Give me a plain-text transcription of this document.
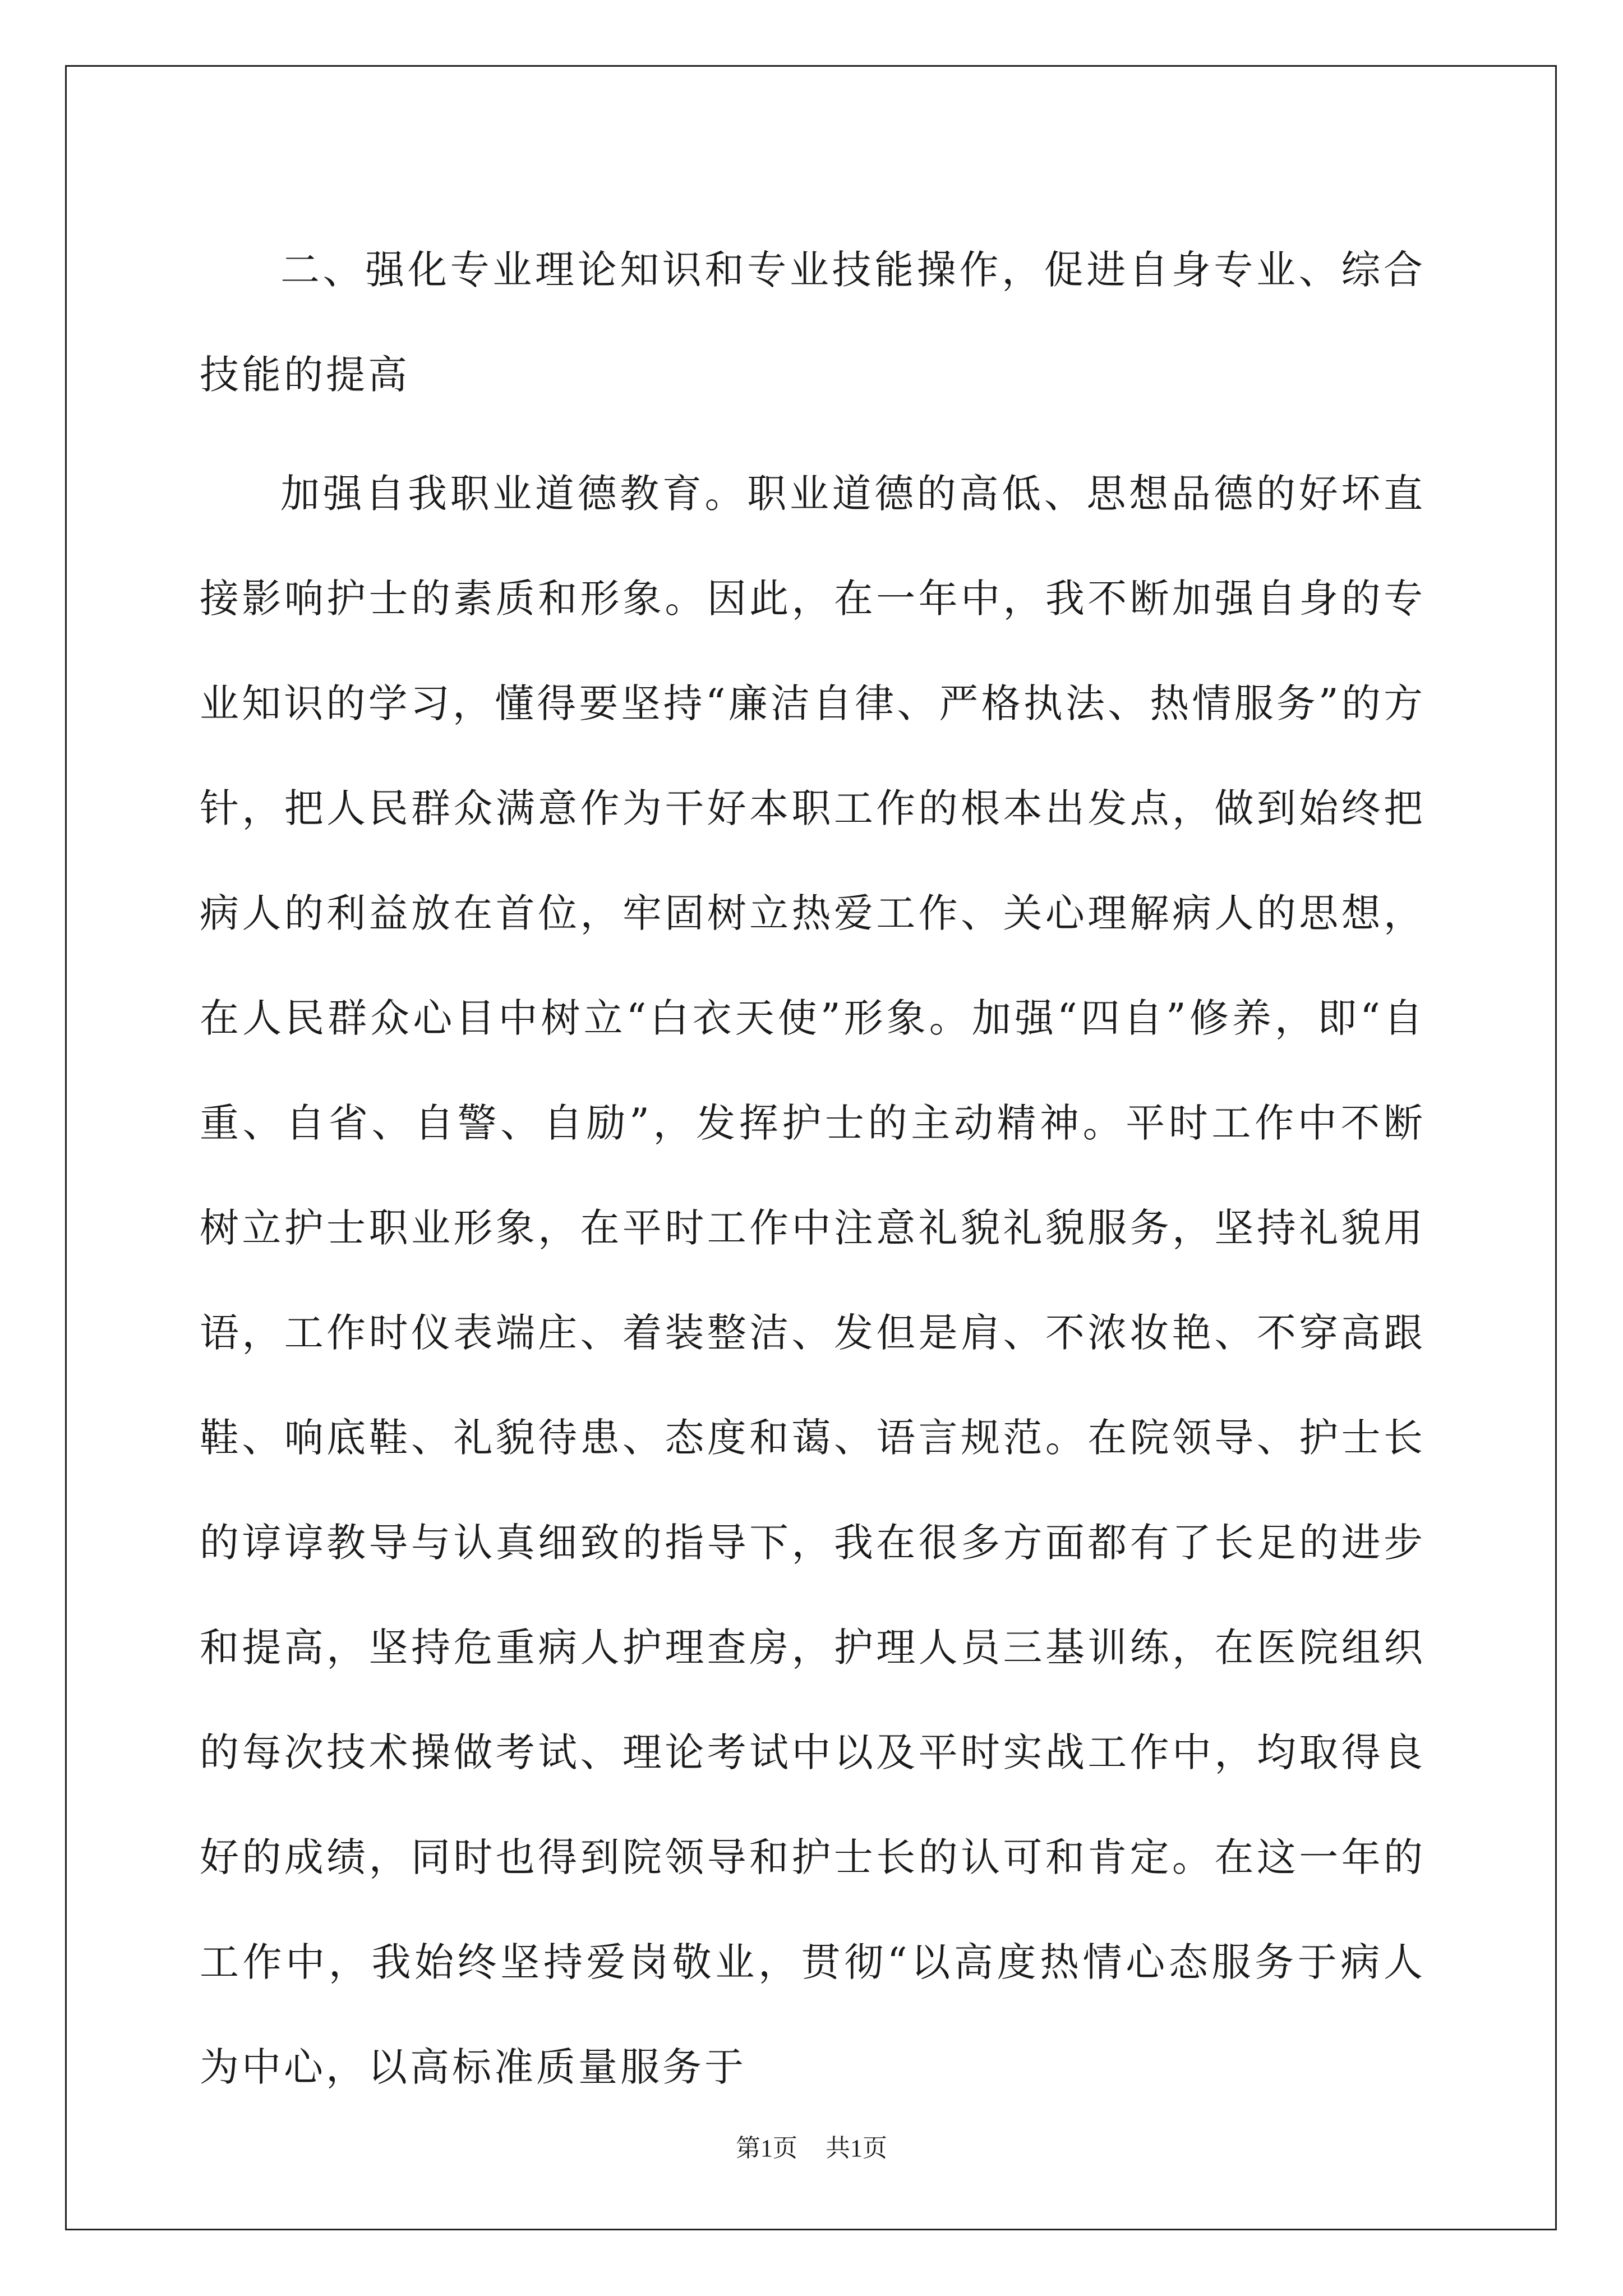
二、强化专业理论知识和专业技能操作，促进自身专业、综合技能的提高

加强自我职业道德教育。职业道德的高低、思想品德的好坏直接影响护士的素质和形象。因此，在一年中，我不断加强自身的专业知识的学习，懂得要坚持“廉洁自律、严格执法、热情服务”的方针，把人民群众满意作为干好本职工作的根本出发点，做到始终把病人的利益放在首位，牢固树立热爱工作、关心理解病人的思想，在人民群众心目中树立“白衣天使”形象。加强“四自”修养，即“自重、自省、自警、自励”，发挥护士的主动精神。平时工作中不断树立护士职业形象，在平时工作中注意礼貌礼貌服务，坚持礼貌用语，工作时仪表端庄、着装整洁、发但是肩、不浓妆艳、不穿高跟鞋、响底鞋、礼貌待患、态度和蔼、语言规范。在院领导、护士长的谆谆教导与认真细致的指导下，我在很多方面都有了长足的进步和提高，坚持危重病人护理查房，护理人员三基训练，在医院组织的每次技术操做考试、理论考试中以及平时实战工作中，均取得良好的成绩，同时也得到院领导和护士长的认可和肯定。在这一年的工作中，我始终坚持爱岗敬业，贯彻“以高度热情心态服务于病人为中心，以高标准质量服务于

第1页 共1页
